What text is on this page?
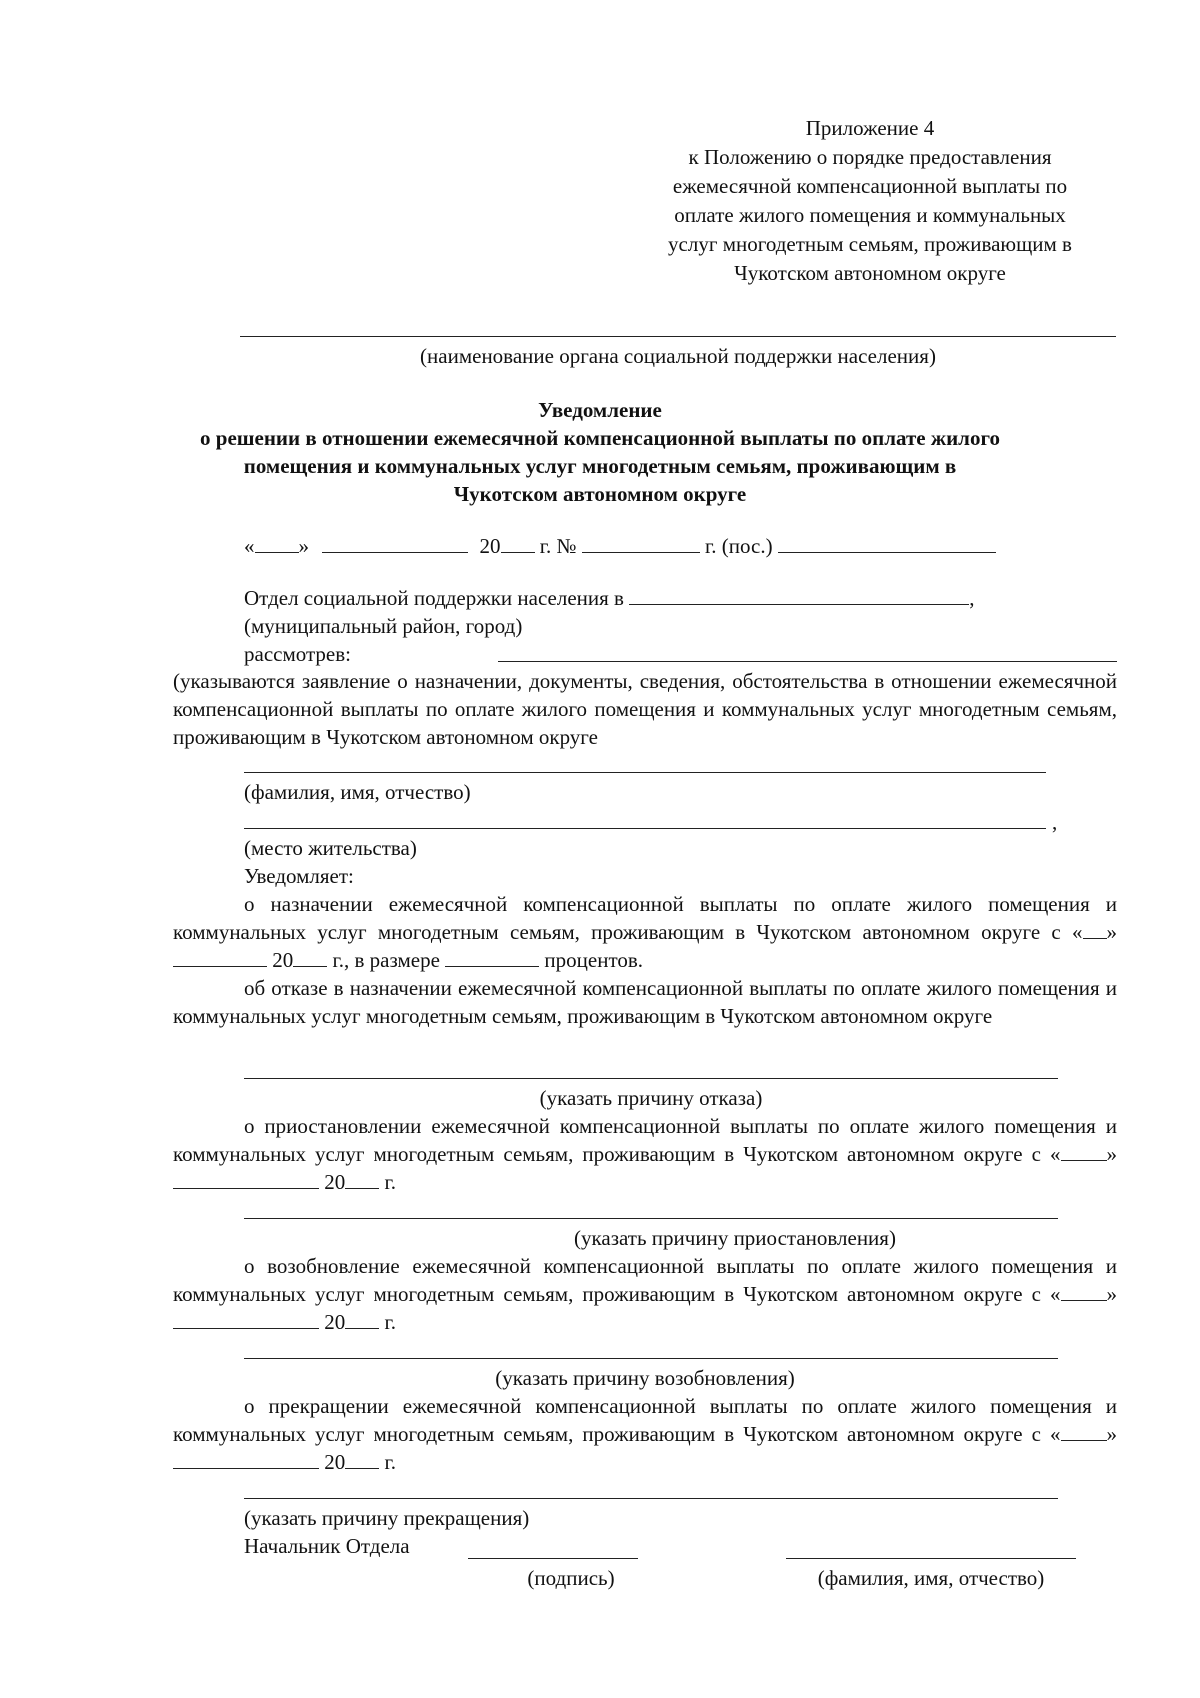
Приложение 4
к Положению о порядке предоставления
ежемесячной компенсационной выплаты по
оплате жилого помещения и коммунальных
услуг многодетным семьям, проживающим в
Чукотском автономном округе
(наименование органа социальной поддержки населения)
Уведомление
о решении в отношении ежемесячной компенсационной выплаты по оплате жилого
помещения и коммунальных услуг многодетным семьям, проживающим в
Чукотском автономном округе
« »	20 г. №	г. (пос.)
Отдел социальной поддержки населения в	,
(муниципальный район, город)
рассмотрев:
(указываются заявление о назначении, документы, сведения, обстоятельства в отношении ежемесячной компенсационной выплаты по оплате жилого помещения и коммунальных услуг многодетным семьям, проживающим в Чукотском автономном округе
(фамилия, имя, отчество)
,
(место жительства)
Уведомляет:
о назначении ежемесячной компенсационной выплаты по оплате жилого помещения и коммунальных услуг многодетным семьям, проживающим в Чукотском автономном округе с « »  20 г., в размере	процентов.
об отказе в назначении ежемесячной компенсационной выплаты по оплате жилого помещения и коммунальных услуг многодетным семьям, проживающим в Чукотском автономном округе
(указать причину отказа)
о приостановлении ежемесячной компенсационной выплаты по оплате жилого помещения и коммунальных услуг многодетным семьям, проживающим в Чукотском автономном округе с « »  20 г.
(указать причину приостановления)
о возобновление ежемесячной компенсационной выплаты по оплате жилого помещения и коммунальных услуг многодетным семьям, проживающим в Чукотском автономном округе с « »  20 г.
(указать причину возобновления)
о прекращении ежемесячной компенсационной выплаты по оплате жилого помещения и коммунальных услуг многодетным семьям, проживающим в Чукотском автономном округе с « »  20 г.
(указать причину прекращения)
Начальник Отдела
(подпись)	(фамилия, имя, отчество)
